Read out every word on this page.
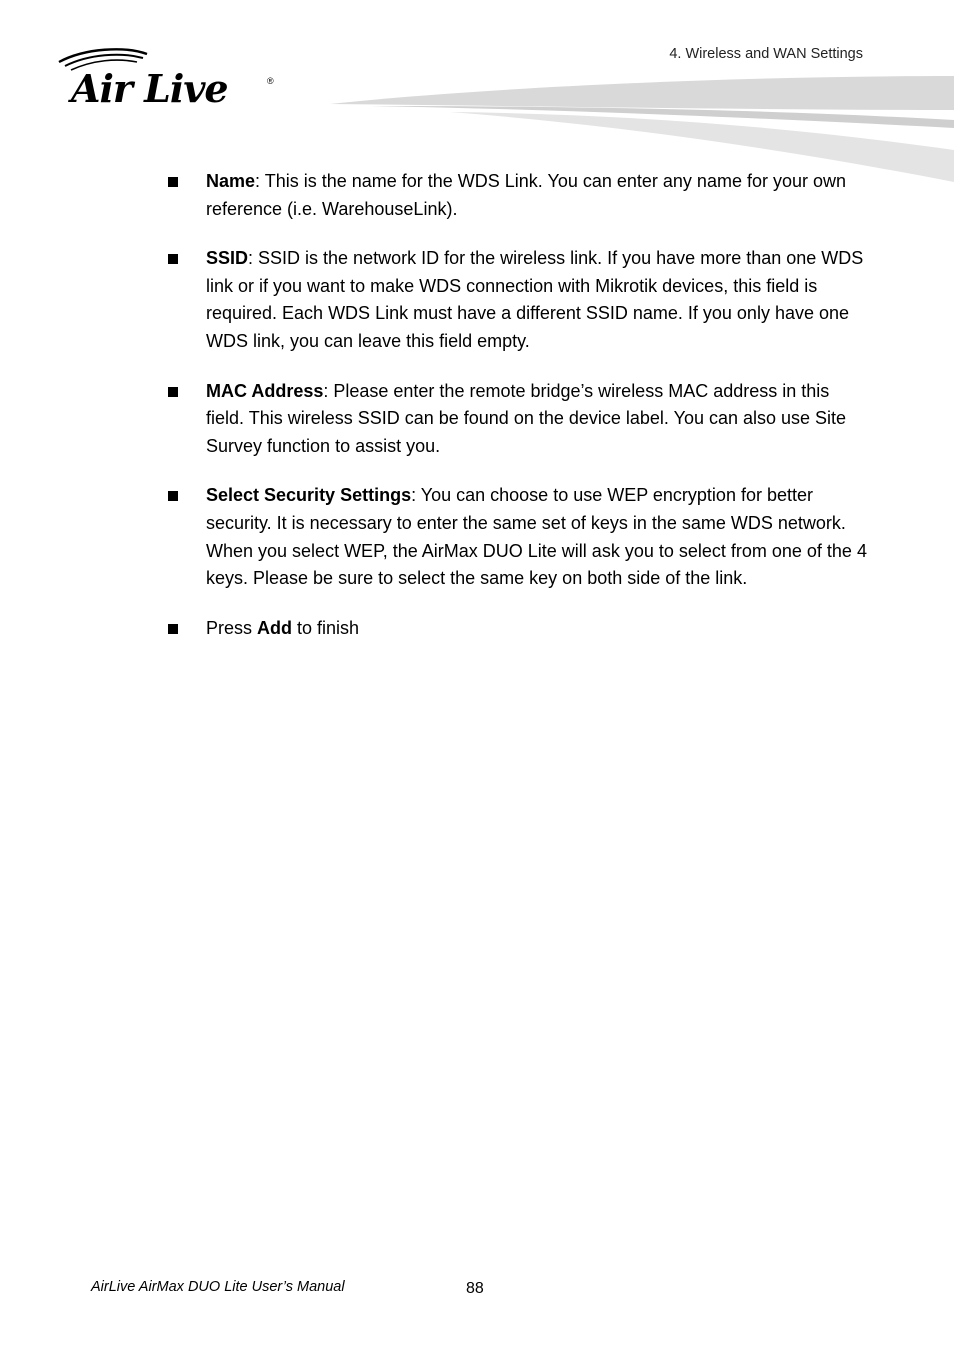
Air Live	®
4. Wireless and WAN Settings
Name: This is the name for the WDS Link. You can enter any name for your own reference (i.e. WarehouseLink).
SSID: SSID is the network ID for the wireless link. If you have more than one WDS link or if you want to make WDS connection with Mikrotik devices, this field is required. Each WDS Link must have a different SSID name. If you only have one WDS link, you can leave this field empty.
MAC Address: Please enter the remote bridge’s wireless MAC address in this field. This wireless SSID can be found on the device label. You can also use Site Survey function to assist you.
Select Security Settings: You can choose to use WEP encryption for better security. It is necessary to enter the same set of keys in the same WDS network. When you select WEP, the AirMax DUO Lite will ask you to select from one of the 4 keys. Please be sure to select the same key on both side of the link.
Press Add to finish
AirLive AirMax DUO Lite User’s Manual	88
